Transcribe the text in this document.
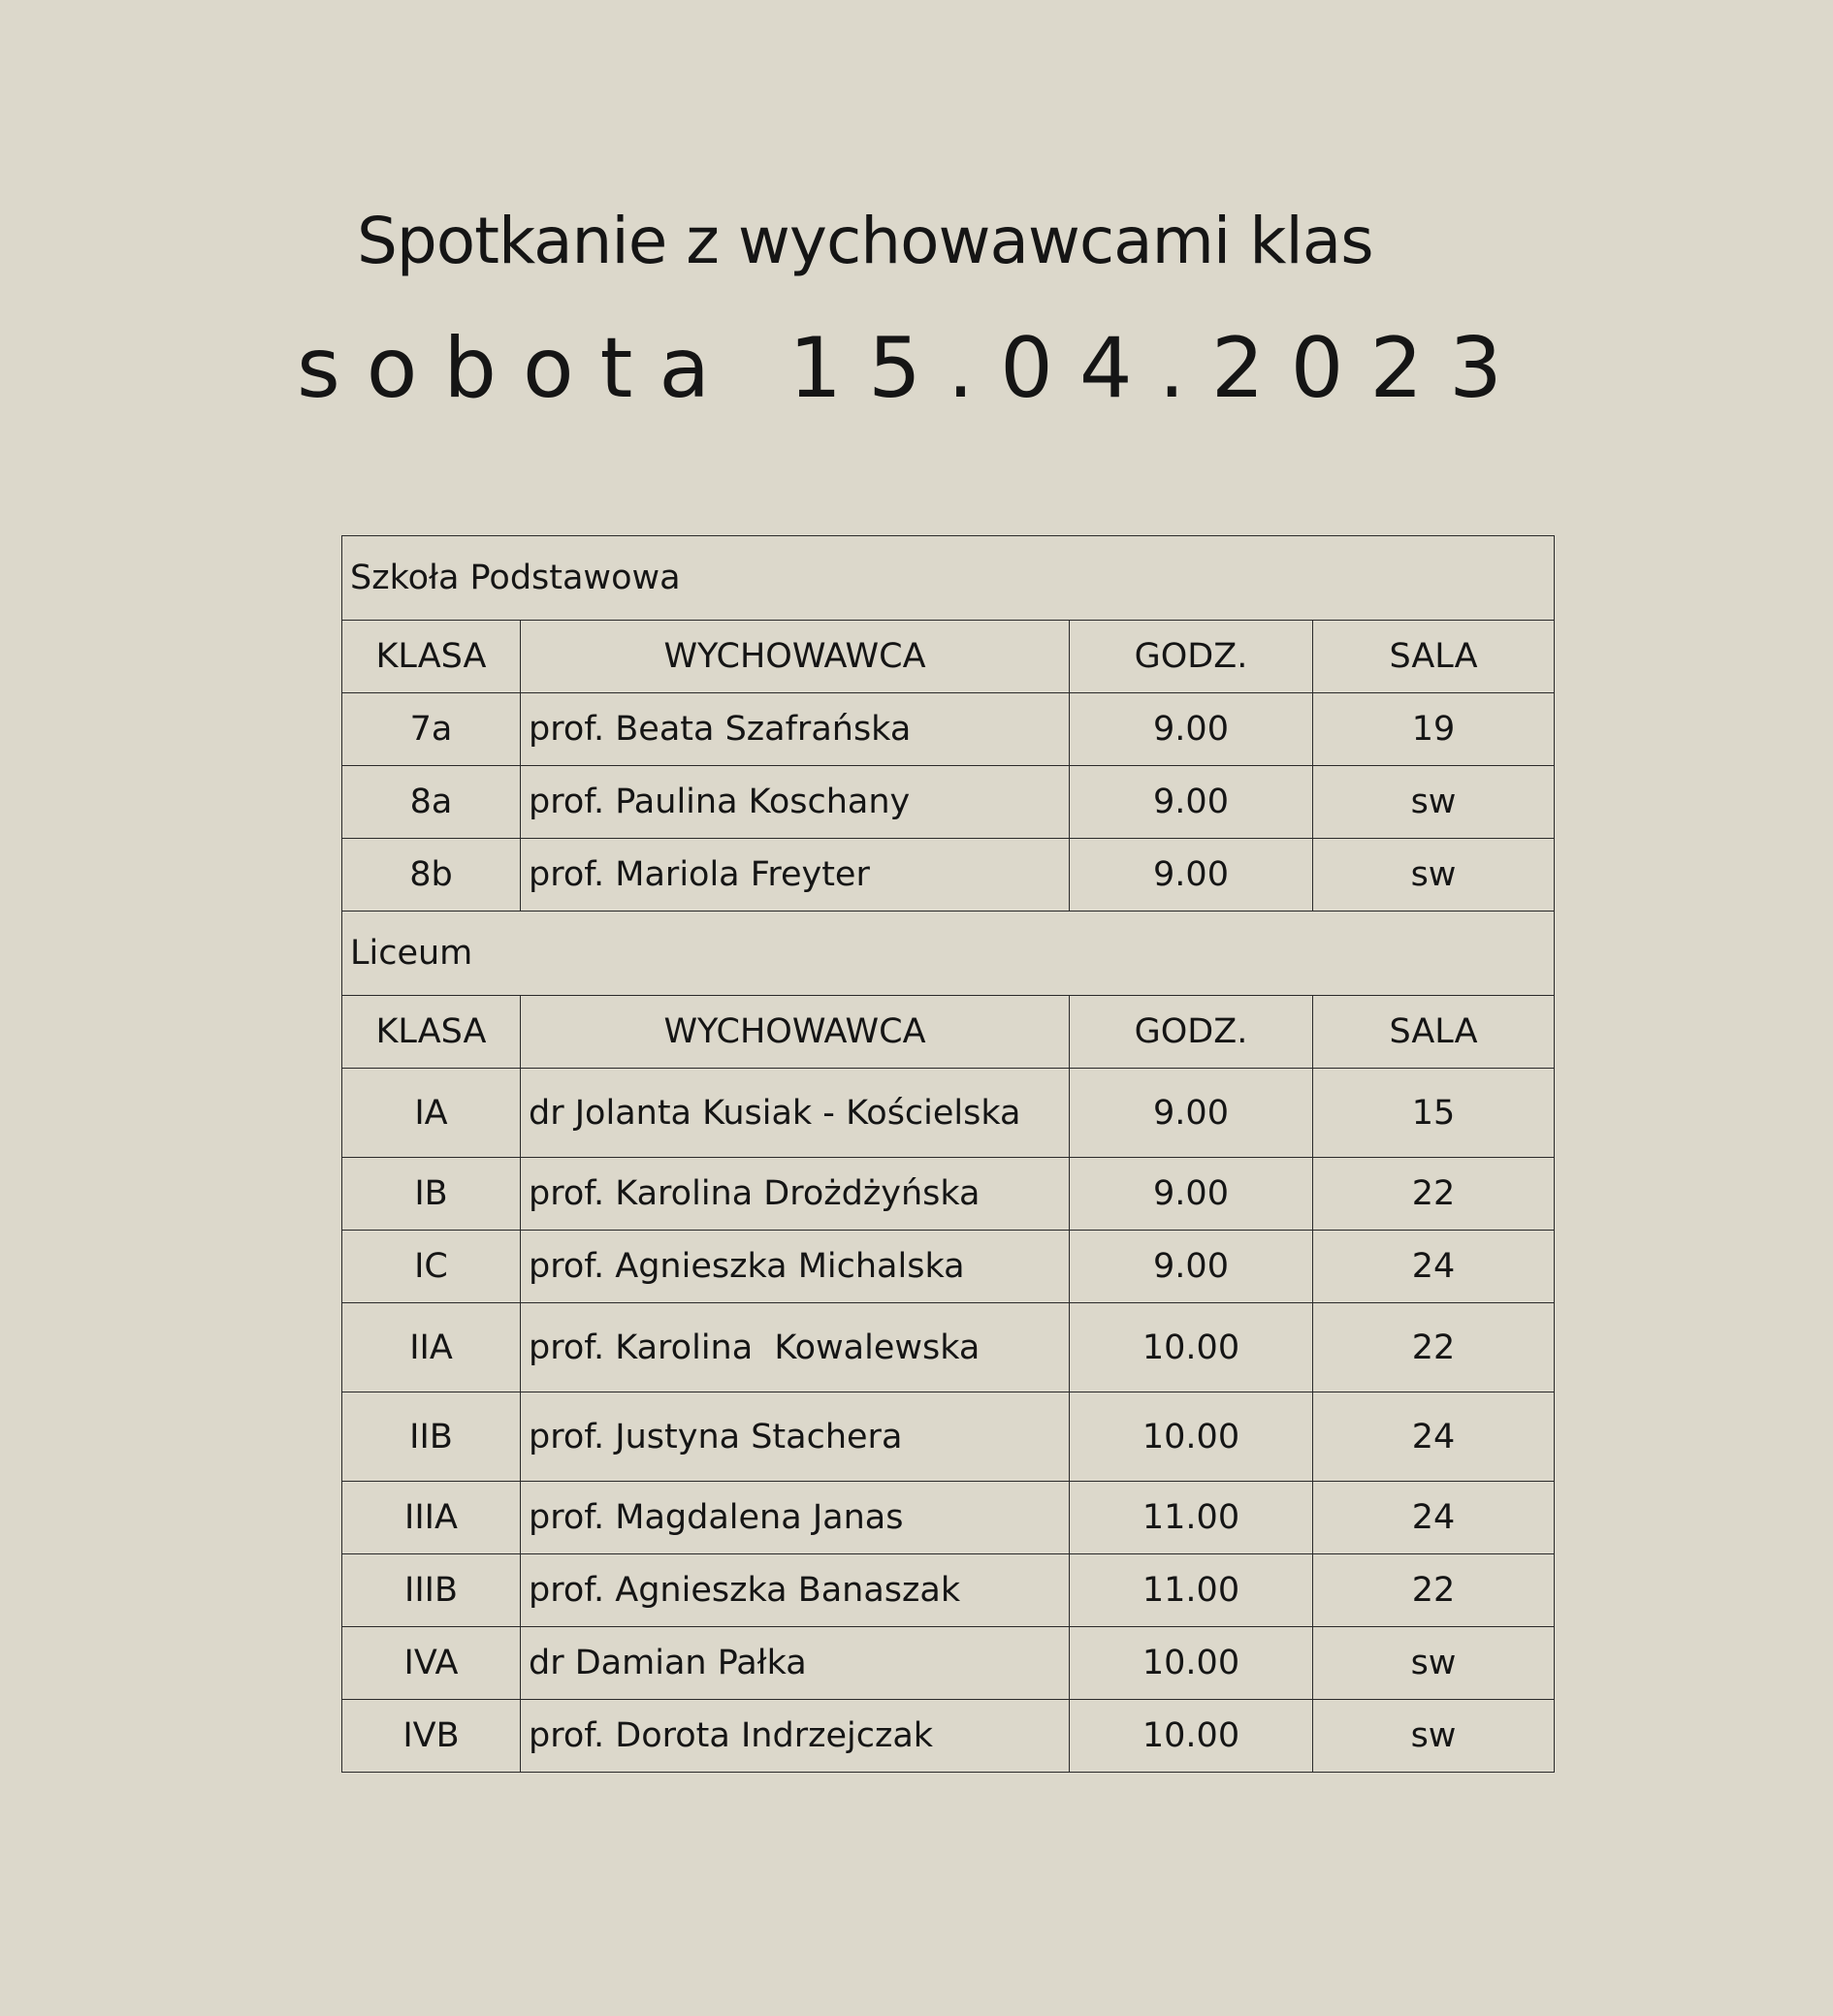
Spotkanie z wychowawcami klas
sobota 15.04.2023
Szkoła Podstawowa			
KLASA	WYCHOWAWCA	GODZ.	SALA
7a	prof. Beata Szafrańska	9.00	19
8a	prof. Paulina Koschany	9.00	sw
8b	prof. Mariola Freyter	9.00	sw
Liceum			
KLASA	WYCHOWAWCA	GODZ.	SALA
IA	dr Jolanta Kusiak - Kościelska	9.00	15
IB	prof. Karolina Drożdżyńska	9.00	22
IC	prof. Agnieszka Michalska	9.00	24
IIA	prof. Karolina  Kowalewska	10.00	22
IIB	prof. Justyna Stachera	10.00	24
IIIA	prof. Magdalena Janas	11.00	24
IIIB	prof. Agnieszka Banaszak	11.00	22
IVA	dr Damian Pałka	10.00	sw
IVB	prof. Dorota Indrzejczak	10.00	sw
